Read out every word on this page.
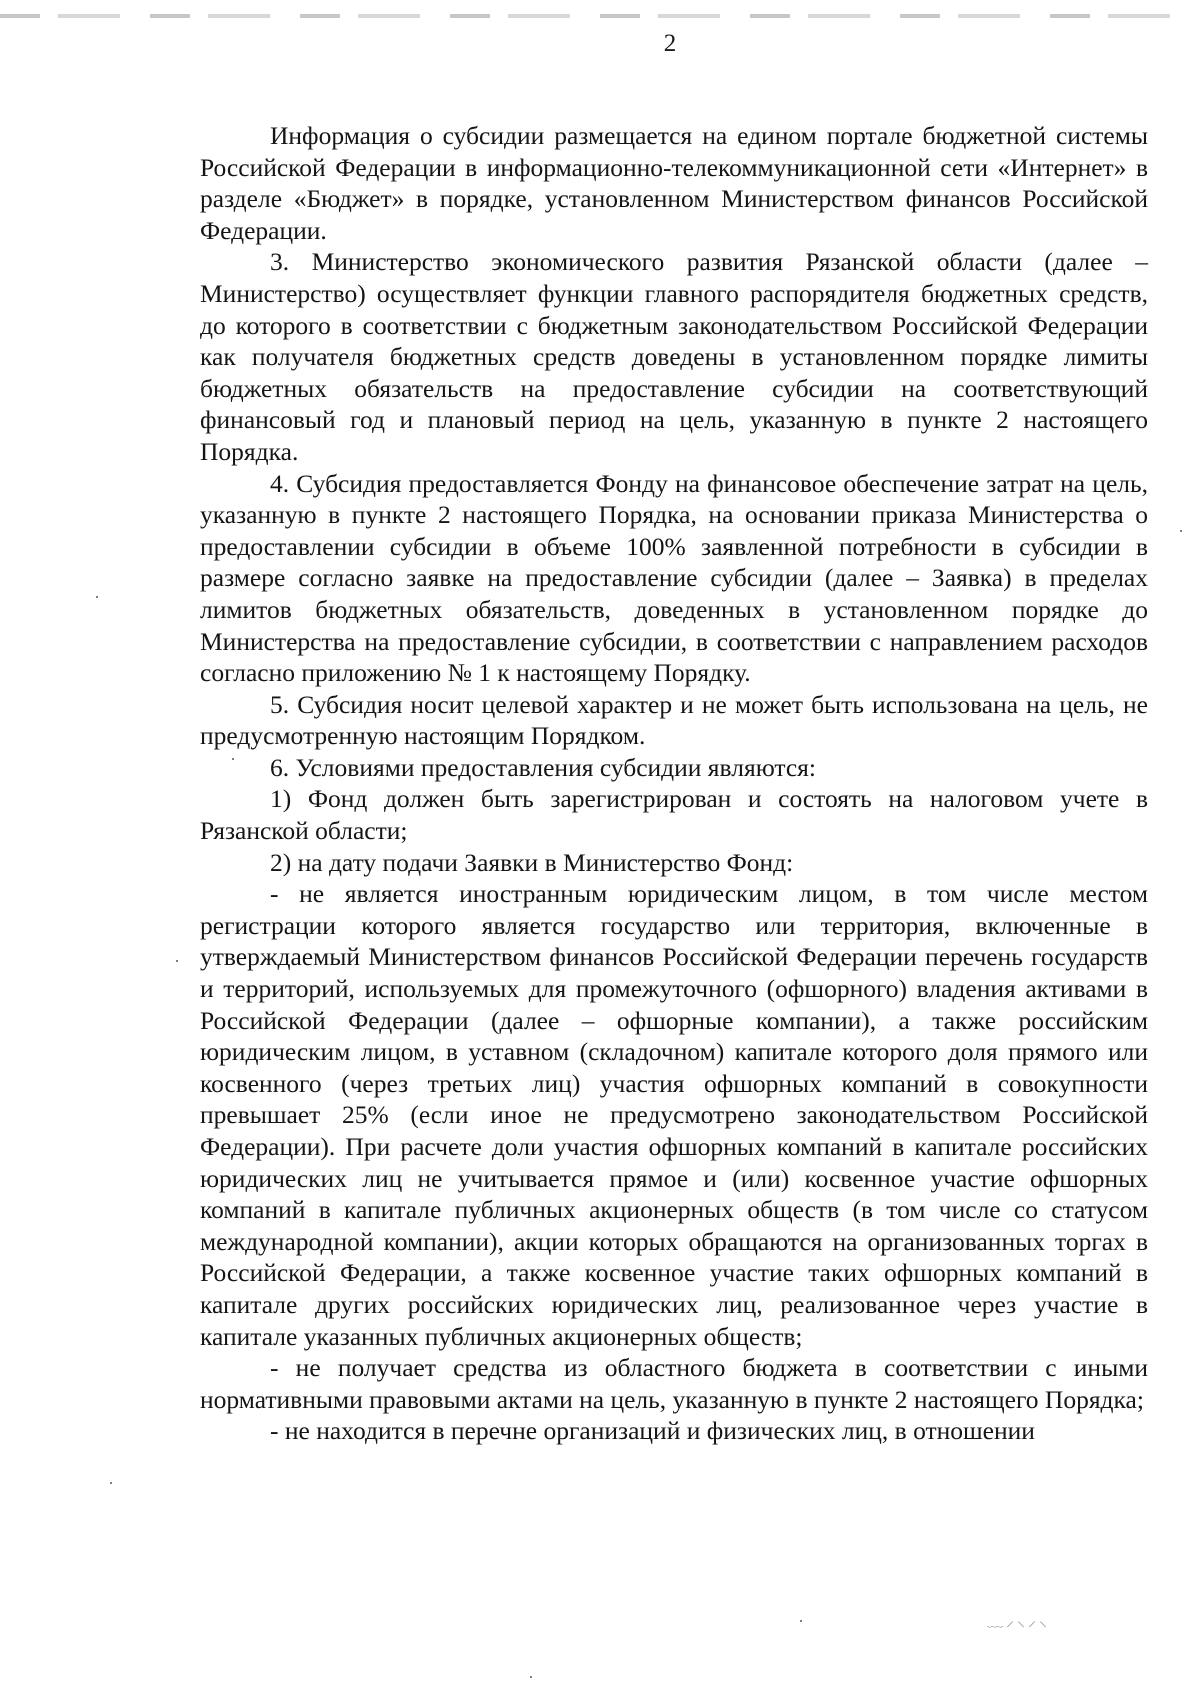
2

Информация о субсидии размещается на едином портале бюджетной системы Российской Федерации в информационно-телекоммуникационной сети «Интернет» в разделе «Бюджет» в порядке, установленном Министерством финансов Российской Федерации.

3. Министерство экономического развития Рязанской области (далее – Министерство) осуществляет функции главного распорядителя бюджетных средств, до которого в соответствии с бюджетным законодательством Российской Федерации как получателя бюджетных средств доведены в установленном порядке лимиты бюджетных обязательств на предоставление субсидии на соответствующий финансовый год и плановый период на цель, указанную в пункте 2 настоящего Порядка.

4. Субсидия предоставляется Фонду на финансовое обеспечение затрат на цель, указанную в пункте 2 настоящего Порядка, на основании приказа Министерства о предоставлении субсидии в объеме 100% заявленной потребности в субсидии в размере согласно заявке на предоставление субсидии (далее – Заявка) в пределах лимитов бюджетных обязательств, доведенных в установленном порядке до Министерства на предоставление субсидии, в соответствии с направлением расходов согласно приложению № 1 к настоящему Порядку.

5. Субсидия носит целевой характер и не может быть использована на цель, не предусмотренную настоящим Порядком.

6. Условиями предоставления субсидии являются:

1) Фонд должен быть зарегистрирован и состоять на налоговом учете в Рязанской области;

2) на дату подачи Заявки в Министерство Фонд:

- не является иностранным юридическим лицом, в том числе местом регистрации которого является государство или территория, включенные в утверждаемый Министерством финансов Российской Федерации перечень государств и территорий, используемых для промежуточного (офшорного) владения активами в Российской Федерации (далее – офшорные компании), а также российским юридическим лицом, в уставном (складочном) капитале которого доля прямого или косвенного (через третьих лиц) участия офшорных компаний в совокупности превышает 25% (если иное не предусмотрено законодательством Российской Федерации). При расчете доли участия офшорных компаний в капитале российских юридических лиц не учитывается прямое и (или) косвенное участие офшорных компаний в капитале публичных акционерных обществ (в том числе со статусом международной компании), акции которых обращаются на организованных торгах в Российской Федерации, а также косвенное участие таких офшорных компаний в капитале других российских юридических лиц, реализованное через участие в капитале указанных публичных акционерных обществ;

- не получает средства из областного бюджета в соответствии с иными нормативными правовыми актами на цель, указанную в пункте 2 настоящего Порядка;

- не находится в перечне организаций и физических лиц, в отношении

﹏⸝⸜⸝⸜
